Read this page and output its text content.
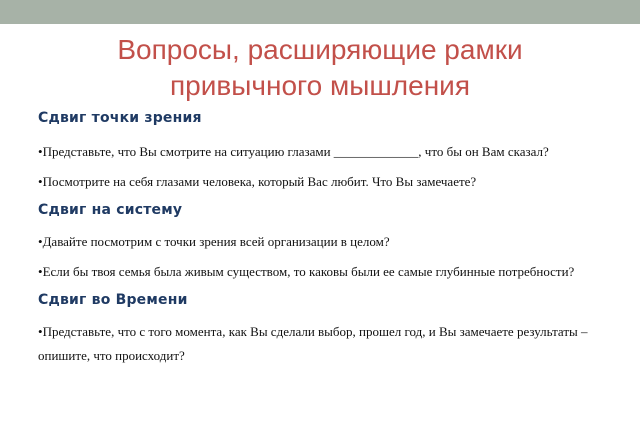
Вопросы, расширяющие рамки
привычного мышления

Сдвиг точки зрения

•Представьте, что Вы смотрите на ситуацию глазами _____________, что бы он Вам сказал?

•Посмотрите на себя глазами человека, который Вас любит. Что Вы замечаете?

Сдвиг на систему

•Давайте посмотрим с точки зрения всей организации в целом?

•Если бы твоя семья была живым существом, то каковы были ее самые глубинные потребности?

Сдвиг во Времени

•Представьте, что с того момента, как Вы сделали выбор, прошел год, и Вы замечаете результаты – опишите, что происходит?
